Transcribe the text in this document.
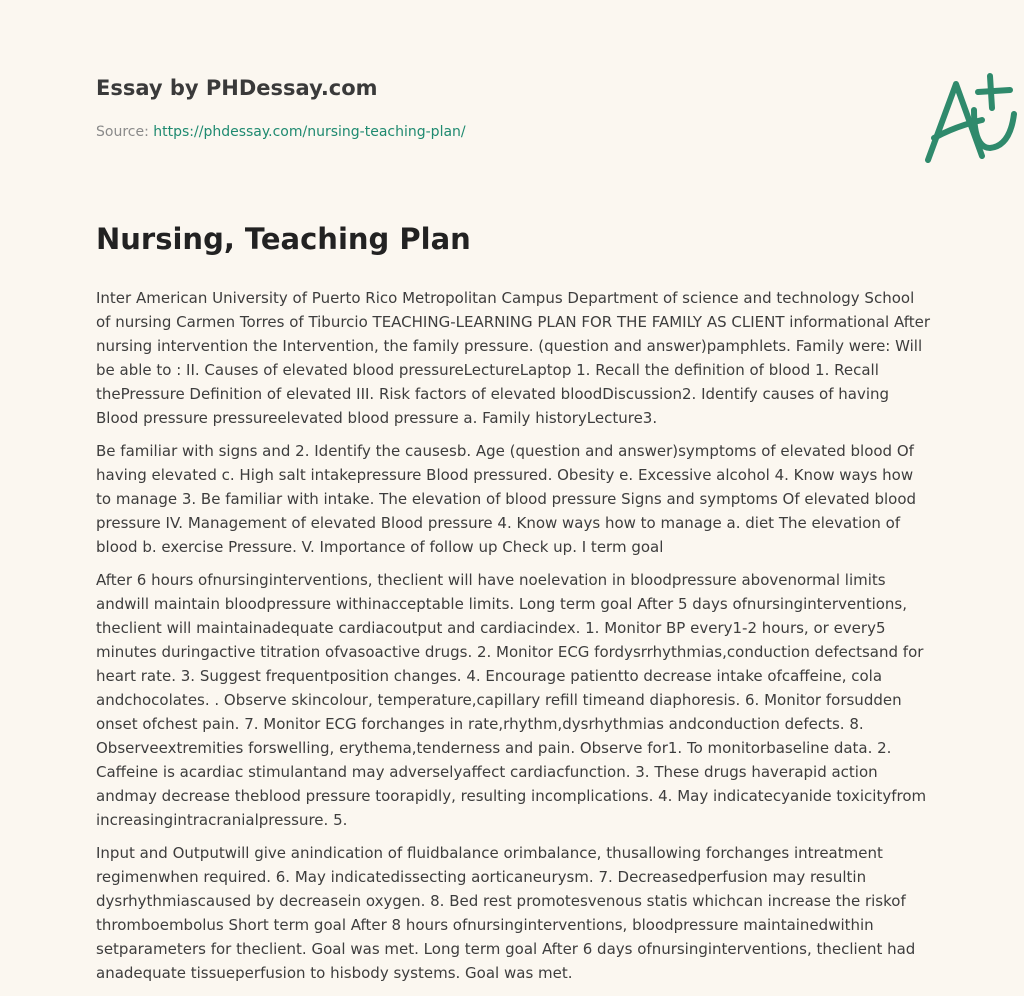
Essay by PHDessay.com
Source: https://phdessay.com/nursing-teaching-plan/
Nursing, Teaching Plan

Inter American University of Puerto Rico Metropolitan Campus Department of science and technology School of nursing Carmen Torres of Tiburcio TEACHING-LEARNING PLAN FOR THE FAMILY AS CLIENT informational After nursing intervention the Intervention, the family pressure. (question and answer)pamphlets. Family were: Will be able to : II. Causes of elevated blood pressureLectureLaptop 1. Recall the definition of blood 1. Recall thePressure Definition of elevated III. Risk factors of elevated bloodDiscussion2. Identify causes of having Blood pressure pressureelevated blood pressure a. Family historyLecture3.

Be familiar with signs and 2. Identify the causesb. Age (question and answer)symptoms of elevated blood Of having elevated c. High salt intakepressure Blood pressured. Obesity e. Excessive alcohol 4. Know ways how to manage 3. Be familiar with intake. The elevation of blood pressure Signs and symptoms Of elevated blood pressure IV. Management of elevated Blood pressure 4. Know ways how to manage a. diet The elevation of blood b. exercise Pressure. V. Importance of follow up Check up. I term goal

After 6 hours ofnursinginterventions, theclient will have noelevation in bloodpressure abovenormal limits andwill maintain bloodpressure withinacceptable limits. Long term goal After 5 days ofnursinginterventions, theclient will maintainadequate cardiacoutput and cardiacindex. 1. Monitor BP every1-2 hours, or every5 minutes duringactive titration ofvasoactive drugs. 2. Monitor ECG fordysrrhythmias,conduction defectsand for heart rate. 3. Suggest frequentposition changes. 4. Encourage patientto decrease intake ofcaffeine, cola andchocolates. . Observe skincolour, temperature,capillary refill timeand diaphoresis. 6. Monitor forsudden onset ofchest pain. 7. Monitor ECG forchanges in rate,rhythm,dysrhythmias andconduction defects. 8. Observeextremities forswelling, erythema,tenderness and pain. Observe for1. To monitorbaseline data. 2. Caffeine is acardiac stimulantand may adverselyaffect cardiacfunction. 3. These drugs haverapid action andmay decrease theblood pressure toorapidly, resulting incomplications. 4. May indicatecyanide toxicityfrom increasingintracranialpressure. 5.

Input and Outputwill give anindication of fluidbalance orimbalance, thusallowing forchanges intreatment regimenwhen required. 6. May indicatedissecting aorticaneurysm. 7. Decreasedperfusion may resultin dysrhythmiascaused by decreasein oxygen. 8. Bed rest promotesvenous statis whichcan increase the riskof thromboembolus Short term goal After 8 hours ofnursinginterventions, bloodpressure maintainedwithin setparameters for theclient. Goal was met. Long term goal After 6 days ofnursinginterventions, theclient had anadequate tissueperfusion to hisbody systems. Goal was met.
